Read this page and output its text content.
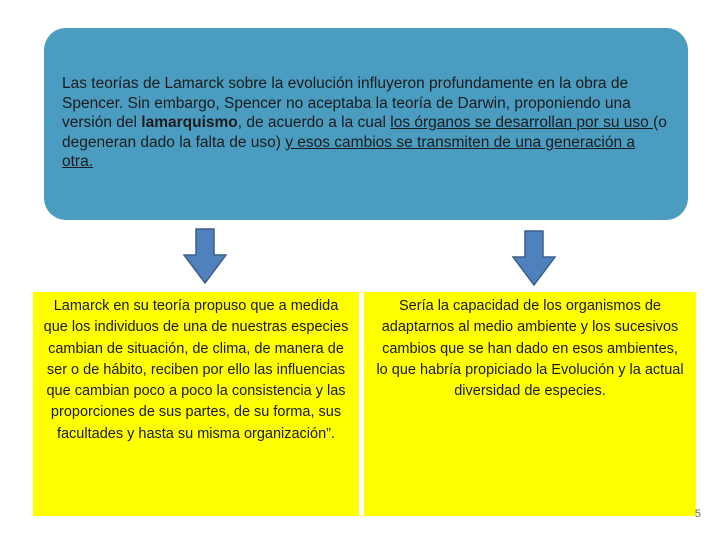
Las teorías de Lamarck sobre la evolución influyeron profundamente en la obra de Spencer. Sin embargo, Spencer no aceptaba la teoría de Darwin, proponiendo una versión del lamarquismo, de acuerdo a la cual los órganos se desarrollan por su uso (o degeneran dado la falta de uso) y esos cambios se transmiten de una generación a otra.

Lamarck en su teoría propuso que a medida que los individuos de una de nuestras especies cambian de situación, de clima, de manera de ser o de hábito, reciben por ello las influencias que cambian poco a poco la consistencia y las proporciones de sus partes, de su forma, sus facultades y hasta su misma organización”.

Sería la capacidad de los organismos de adaptarnos al medio ambiente y los sucesivos cambios que se han dado en esos ambientes, lo que habría propiciado la Evolución y la actual diversidad de especies.

5
